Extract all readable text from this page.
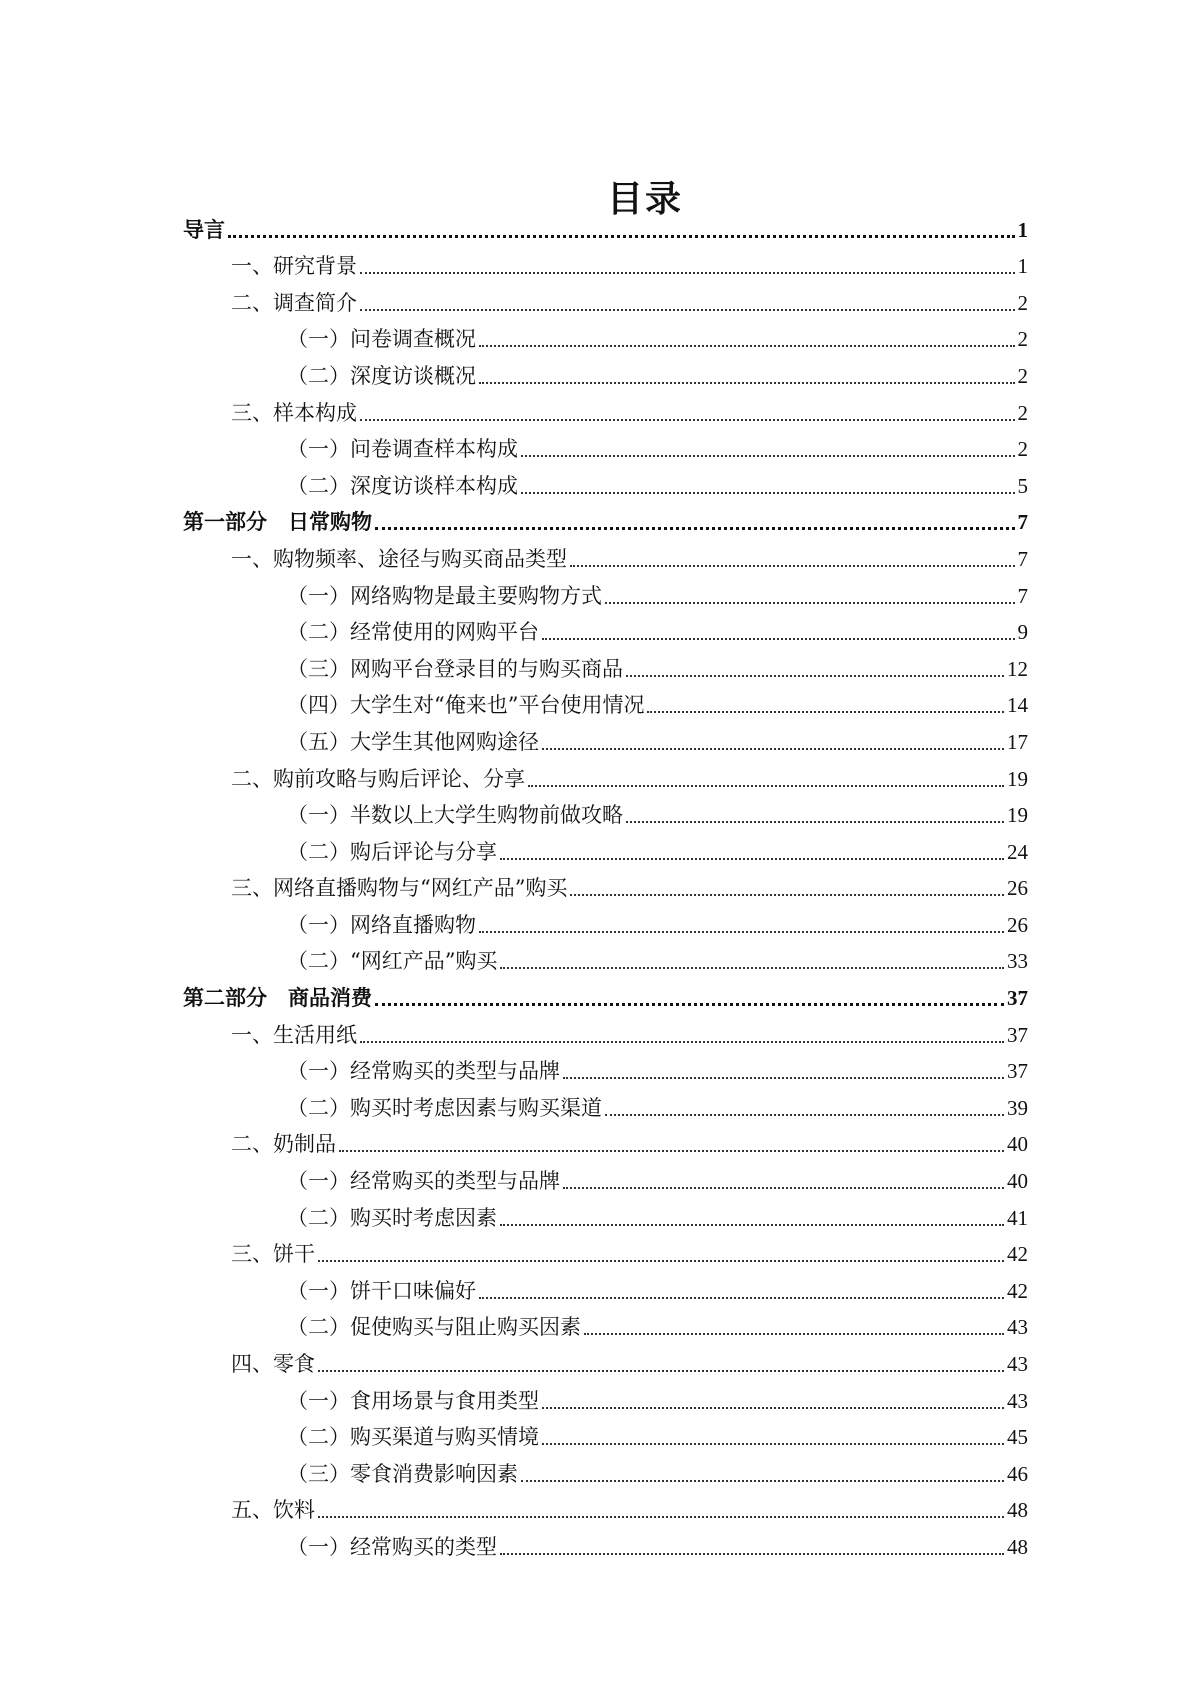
目录
导言	1
一、研究背景	1
二、调查简介	2
（一）问卷调查概况	2
（二）深度访谈概况	2
三、样本构成	2
（一）问卷调查样本构成	2
（二）深度访谈样本构成	5
第一部分　日常购物	7
一、购物频率、途径与购买商品类型	7
（一）网络购物是最主要购物方式	7
（二）经常使用的网购平台	9
（三）网购平台登录目的与购买商品	12
（四）大学生对“俺来也”平台使用情况	14
（五）大学生其他网购途径	17
二、购前攻略与购后评论、分享	19
（一）半数以上大学生购物前做攻略	19
（二）购后评论与分享	24
三、网络直播购物与“网红产品”购买	26
（一）网络直播购物	26
（二）“网红产品”购买	33
第二部分　商品消费	37
一、生活用纸	37
（一）经常购买的类型与品牌	37
（二）购买时考虑因素与购买渠道	39
二、奶制品	40
（一）经常购买的类型与品牌	40
（二）购买时考虑因素	41
三、饼干	42
（一）饼干口味偏好	42
（二）促使购买与阻止购买因素	43
四、零食	43
（一）食用场景与食用类型	43
（二）购买渠道与购买情境	45
（三）零食消费影响因素	46
五、饮料	48
（一）经常购买的类型	48
